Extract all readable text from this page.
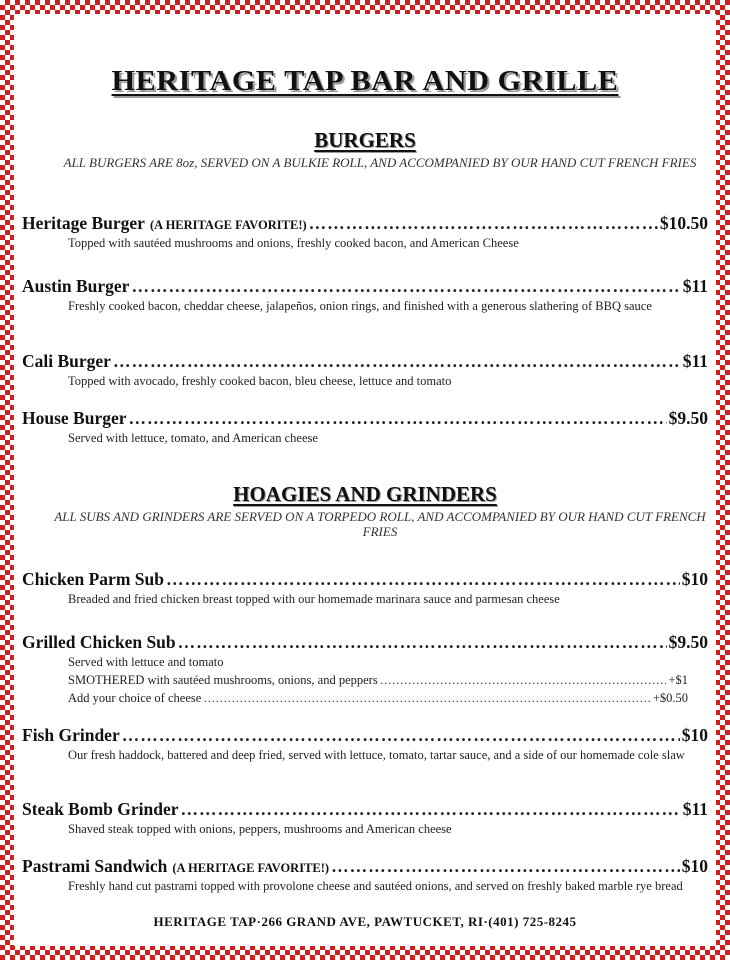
HERITAGE TAP BAR AND GRILLE
BURGERS
ALL BURGERS ARE 8oz, SERVED ON A BULKIE ROLL, AND ACCOMPANIED BY OUR HAND CUT FRENCH FRIES
Heritage Burger (A HERITAGE FAVORITE!) ……………………………………………………………………………………………………………………	$10.50
Topped with sautéed mushrooms and onions, freshly cooked bacon, and American Cheese
Austin Burger ……………………………………………………………………………………………………………………	$11
Freshly cooked bacon, cheddar cheese, jalapeños, onion rings, and finished with a generous slathering of BBQ sauce
Cali Burger ……………………………………………………………………………………………………………………	$11
Topped with avocado, freshly cooked bacon, bleu cheese, lettuce and tomato
House Burger ……………………………………………………………………………………………………………………	$9.50
Served with lettuce, tomato, and American cheese
HOAGIES AND GRINDERS
ALL SUBS AND GRINDERS ARE SERVED ON A TORPEDO ROLL, AND ACCOMPANIED BY OUR HAND CUT FRENCH FRIES
Chicken Parm Sub ……………………………………………………………………………………………………………………	$10
Breaded and fried chicken breast topped with our homemade marinara sauce and parmesan cheese
Grilled Chicken Sub ……………………………………………………………………………………………………………………	$9.50
Served with lettuce and tomato
SMOTHERED with sautéed mushrooms, onions, and peppers ……………………………………………………………………………………………………………………	+$1
Add your choice of cheese ……………………………………………………………………………………………………………………	+$0.50
Fish Grinder ……………………………………………………………………………………………………………………	$10
Our fresh haddock, battered and deep fried, served with lettuce, tomato, tartar sauce, and a side of our homemade cole slaw
Steak Bomb Grinder ……………………………………………………………………………………………………………………	$11
Shaved steak topped with onions, peppers, mushrooms and American cheese
Pastrami Sandwich (A HERITAGE FAVORITE!) ……………………………………………………………………………………………………………………	$10
Freshly hand cut pastrami topped with provolone cheese and sautéed onions, and served on freshly baked marble rye bread
HERITAGE TAP·266 GRAND AVE, PAWTUCKET, RI·(401) 725-8245
